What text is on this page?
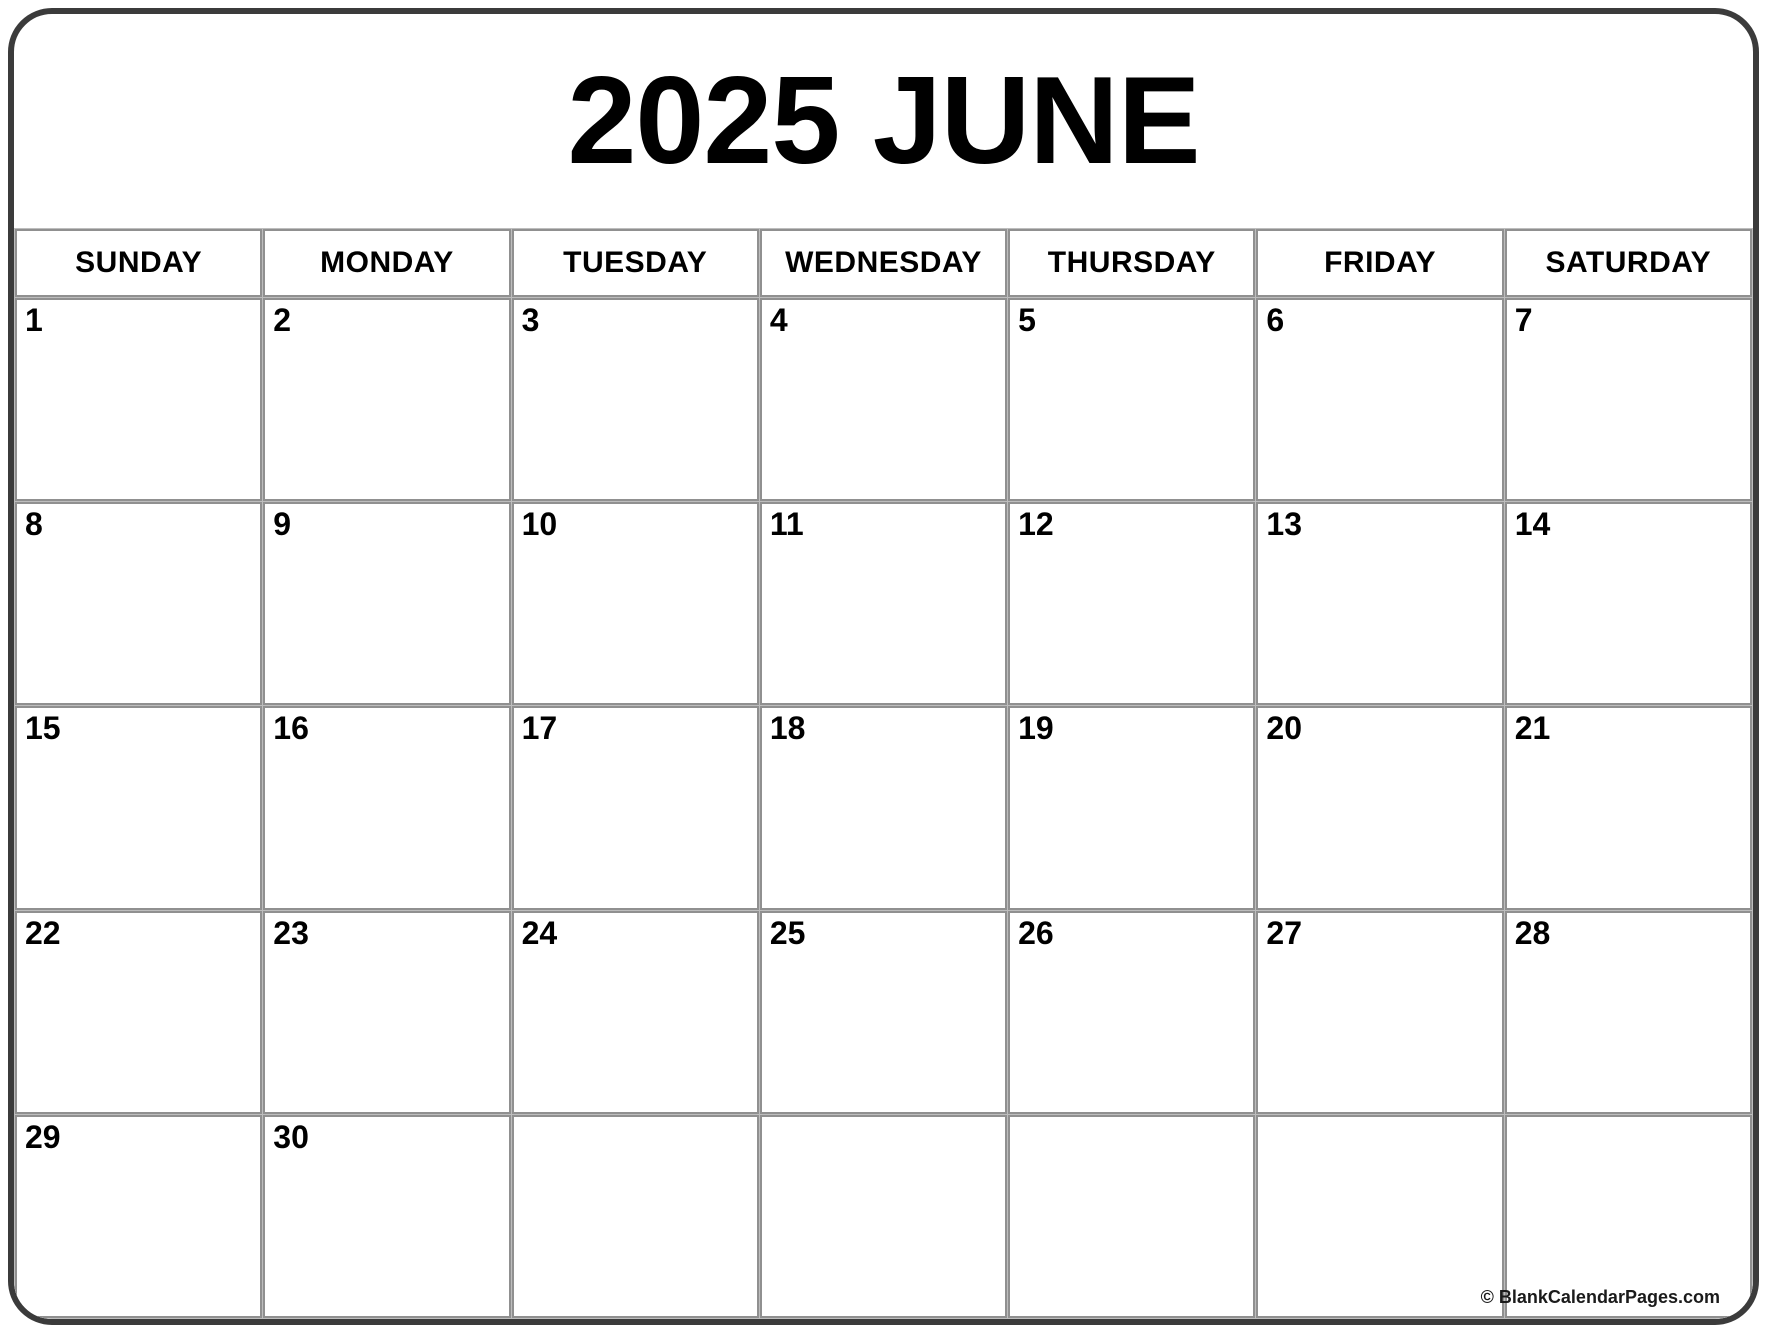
2025 JUNE
SUNDAY	MONDAY	TUESDAY	WEDNESDAY	THURSDAY	FRIDAY	SATURDAY
1	2	3	4	5	6	7
8	9	10	11	12	13	14
15	16	17	18	19	20	21
22	23	24	25	26	27	28
29	30					© BlankCalendarPages.com
